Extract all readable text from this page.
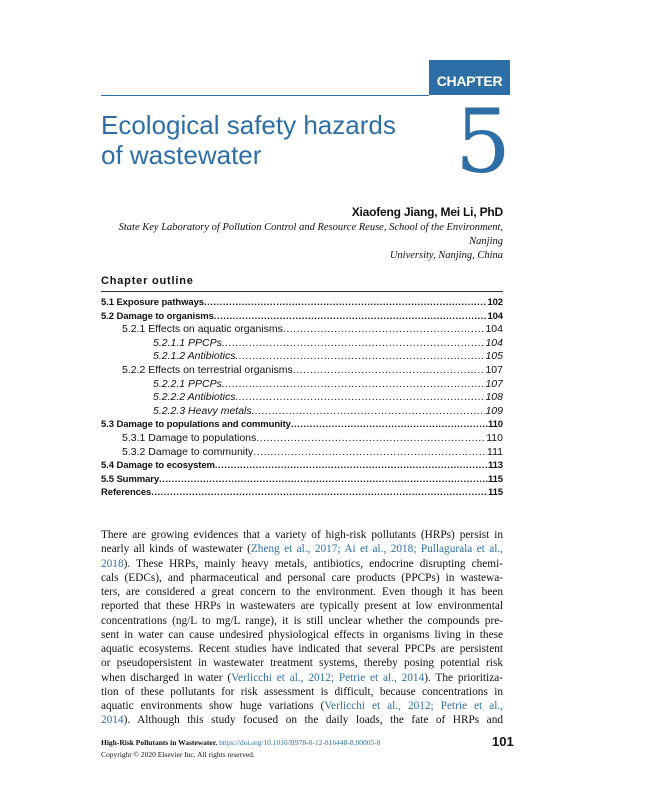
CHAPTER
Ecological safety hazards
of wastewater	5
Xiaofeng Jiang, Mei Li, PhD
State Key Laboratory of Pollution Control and Resource Reuse, School of the Environment, Nanjing
University, Nanjing, China
Chapter outline
5.1 Exposure pathways .....	102
5.2 Damage to organisms .....	104
5.2.1 Effects on aquatic organisms .....	104
5.2.1.1 PPCPs .....	104
5.2.1.2 Antibiotics .....	105
5.2.2 Effects on terrestrial organisms .....	107
5.2.2.1 PPCPs .....	107
5.2.2.2 Antibiotics .....	108
5.2.2.3 Heavy metals .....	109
5.3 Damage to populations and community .....	110
5.3.1 Damage to populations .....	110
5.3.2 Damage to community .....	111
5.4 Damage to ecosystem .....	113
5.5 Summary .....	115
References .....	115
There are growing evidences that a variety of high-risk pollutants (HRPs) persist in
nearly all kinds of wastewater (Zheng et al., 2017; Ai et al., 2018; Pullagurala et al.,
2018). These HRPs, mainly heavy metals, antibiotics, endocrine disrupting chemi-
cals (EDCs), and pharmaceutical and personal care products (PPCPs) in wastewa-
ters, are considered a great concern to the environment. Even though it has been
reported that these HRPs in wastewaters are typically present at low environmental
concentrations (ng/L to mg/L range), it is still unclear whether the compounds pre-
sent in water can cause undesired physiological effects in organisms living in these
aquatic ecosystems. Recent studies have indicated that several PPCPs are persistent
or pseudopersistent in wastewater treatment systems, thereby posing potential risk
when discharged in water (Verlicchi et al., 2012; Petrie et al., 2014). The prioritiza-
tion of these pollutants for risk assessment is difficult, because concentrations in
aquatic environments show huge variations (Verlicchi et al., 2012; Petrie et al.,
2014). Although this study focused on the daily loads, the fate of HRPs and
High-Risk Pollutants in Wastewater. https://doi.org/10.1016/B978-0-12-816448-8.00005-8
Copyright © 2020 Elsevier Inc. All rights reserved.
101
